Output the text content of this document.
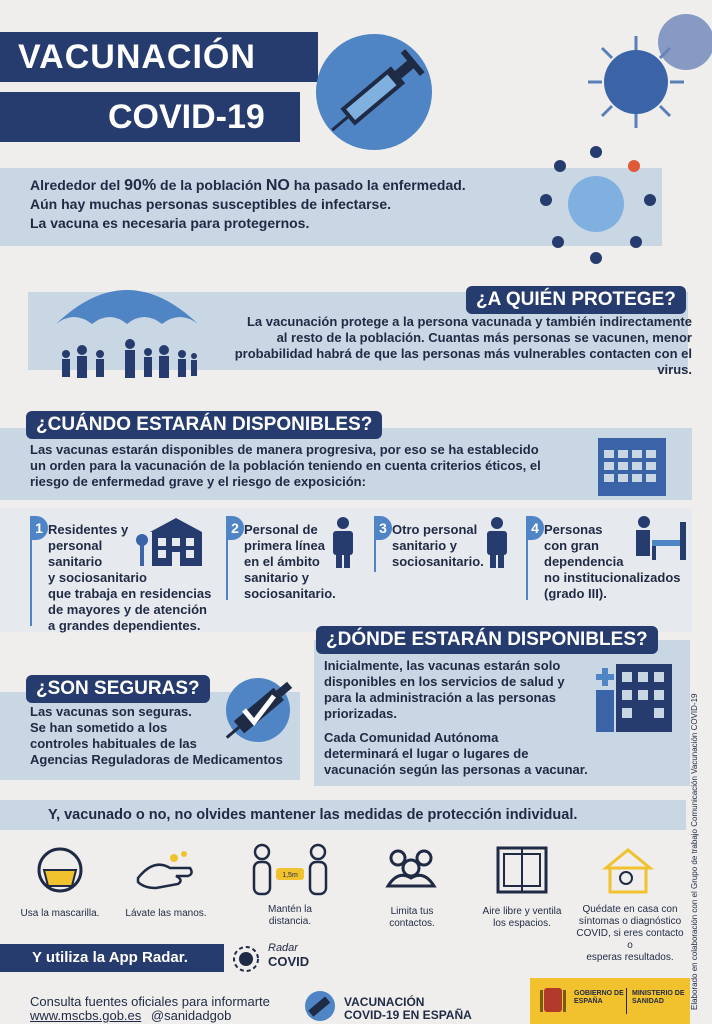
VACUNACIÓN
COVID-19

Alrededor del 90% de la población NO ha pasado la enfermedad.

Aún hay muchas personas susceptibles de infectarse.

La vacuna es necesaria para protegernos.

¿A QUIÉN PROTEGE?

La vacunación protege a la persona vacunada y también indirectamente

al resto de la población. Cuantas más personas se vacunen, menor

probabilidad habrá de que las personas más vulnerables contacten con el virus.

¿CUÁNDO ESTARÁN DISPONIBLES?

Las vacunas estarán disponibles de manera progresiva, por eso se ha establecido

un orden para la vacunación de la población teniendo en cuenta criterios éticos, el

riesgo de enfermedad grave y el riesgo de exposición:

1 Residentes y

personal

sanitario

y sociosanitario

que trabaja en residencias

de mayores y de atención

a grandes dependientes.

2 Personal de

primera línea

en el ámbito

sanitario y

sociosanitario.

3 Otro personal

sanitario y

sociosanitario.

4 Personas

con gran

dependencia

no institucionalizados

(grado III).

¿DÓNDE ESTARÁN DISPONIBLES?

Inicialmente, las vacunas estarán solo

disponibles en los servicios de salud y

para la administración a las personas

priorizadas.

Cada Comunidad Autónoma

determinará el lugar o lugares de

vacunación según las personas a vacunar.

¿SON SEGURAS?

Las vacunas son seguras.

Se han sometido a los

controles habituales de las

Agencias Reguladoras de Medicamentos

Y, vacunado o no, no olvides mantener las medidas de protección individual.
Usa la mascarilla.	Lávate las manos.
1,5m
Mantén la
distancia.
Limita tus
contactos.
Aire libre y ventila
los espacios.
Quédate en casa con
síntomas o diagnóstico
COVID, si eres contacto o
esperas resultados.
Y utiliza la App Radar.
Radar
COVID
Consulta fuentes oficiales para informarte
www.mscbs.gob.es @sanidadgob
VACUNACIÓN
COVID-19 EN ESPAÑA
GOBIERNO DE ESPAÑA
MINISTERIO DE SANIDAD	Elaborado en colaboración con el Grupo de trabajo Comunicación Vacunación COVID-19
